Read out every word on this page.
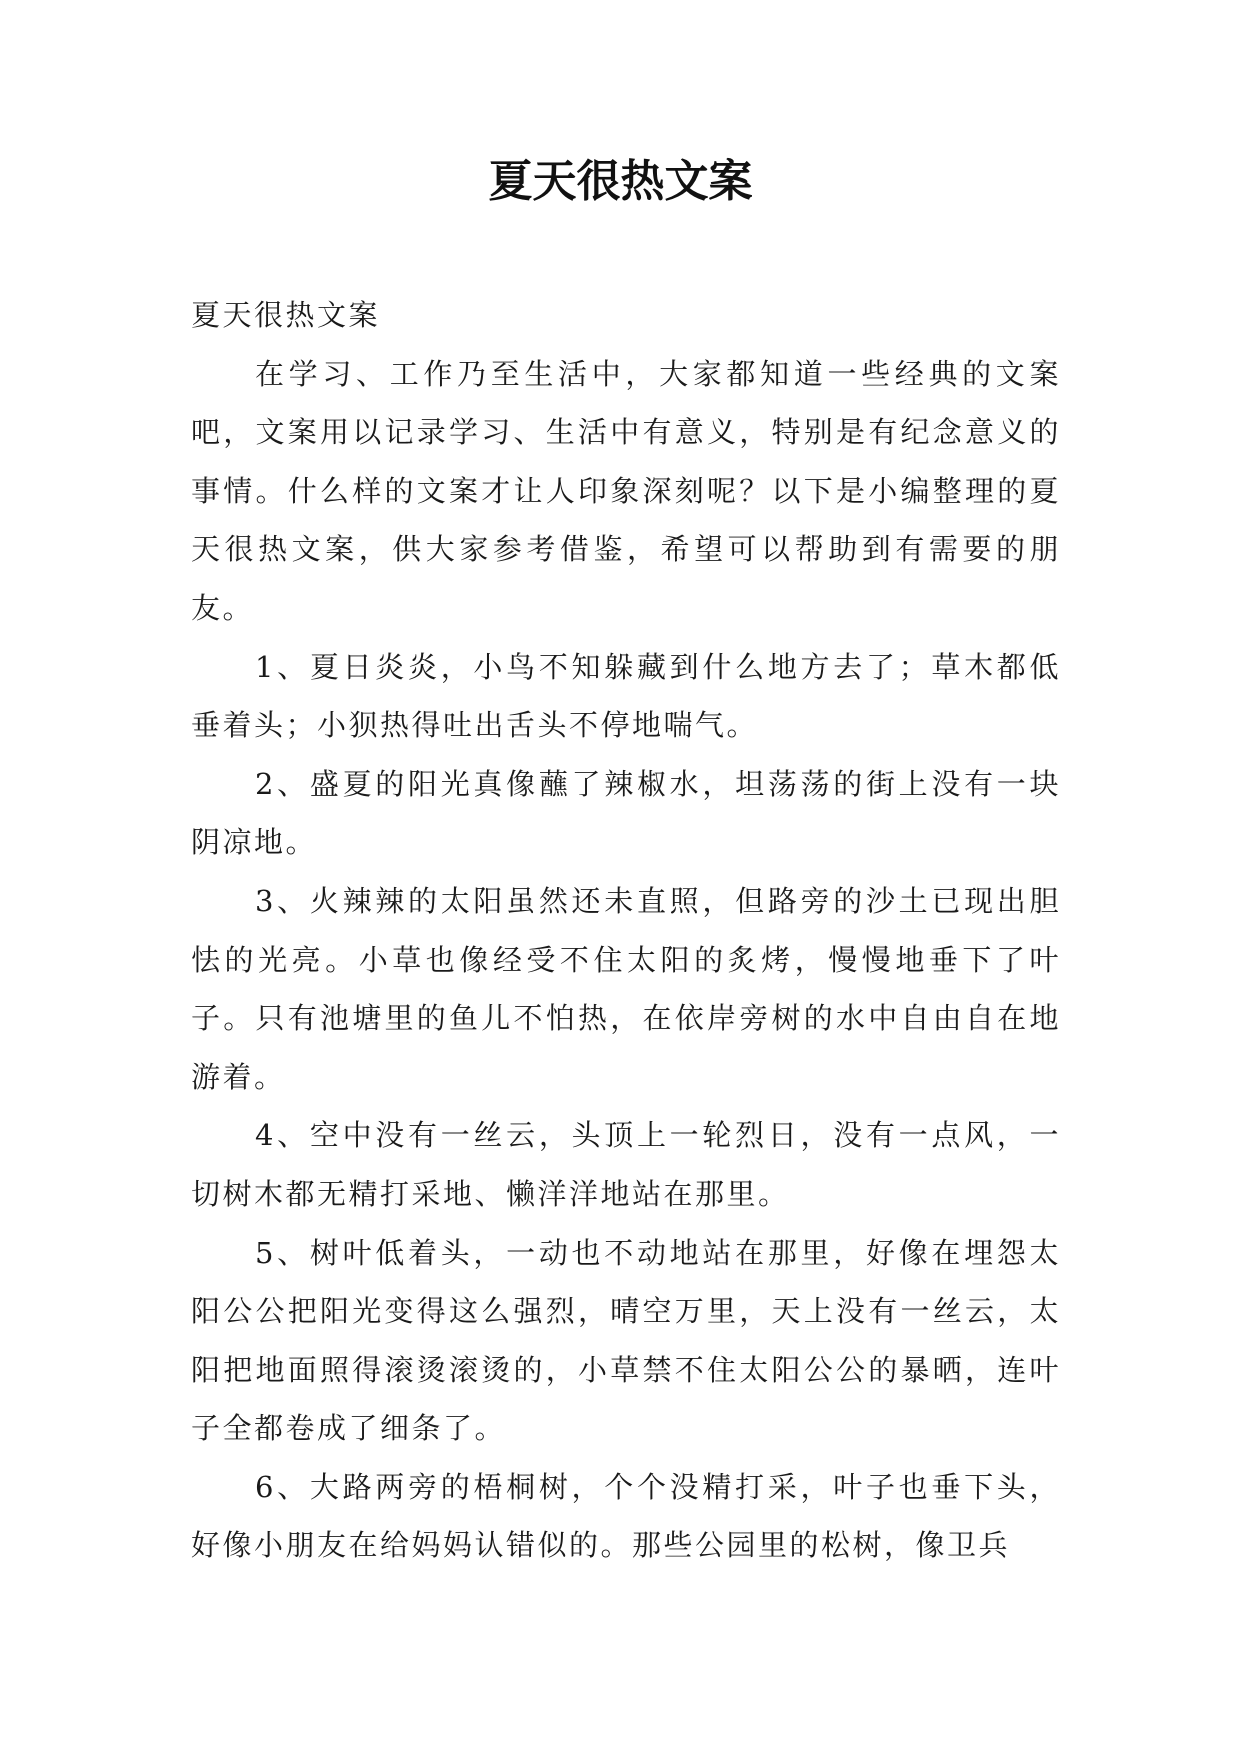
夏天很热文案

夏天很热文案

在学习、工作乃至生活中，大家都知道一些经典的文案吧，文案用以记录学习、生活中有意义，特别是有纪念意义的事情。什么样的文案才让人印象深刻呢？以下是小编整理的夏天很热文案，供大家参考借鉴，希望可以帮助到有需要的朋友。

1、夏日炎炎，小鸟不知躲藏到什么地方去了；草木都低垂着头；小狈热得吐出舌头不停地喘气。

2、盛夏的阳光真像蘸了辣椒水，坦荡荡的街上没有一块阴凉地。

3、火辣辣的太阳虽然还未直照，但路旁的沙土已现出胆怯的光亮。小草也像经受不住太阳的炙烤，慢慢地垂下了叶子。只有池塘里的鱼儿不怕热，在依岸旁树的水中自由自在地游着。

4、空中没有一丝云，头顶上一轮烈日，没有一点风，一切树木都无精打采地、懒洋洋地站在那里。

5、树叶低着头，一动也不动地站在那里，好像在埋怨太阳公公把阳光变得这么强烈，晴空万里，天上没有一丝云，太阳把地面照得滚烫滚烫的，小草禁不住太阳公公的暴晒，连叶子全都卷成了细条了。

6、大路两旁的梧桐树，个个没精打采，叶子也垂下头，好像小朋友在给妈妈认错似的。那些公园里的松树，像卫兵
